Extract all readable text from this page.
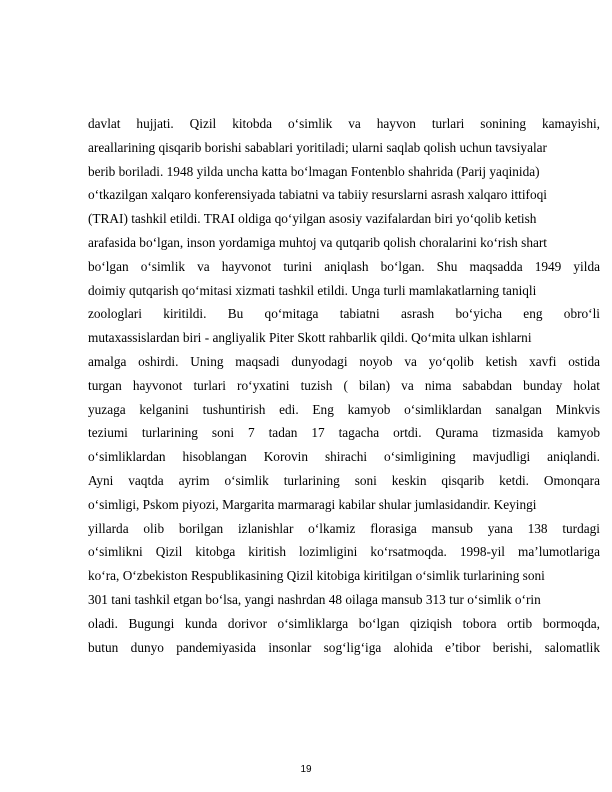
davlat hujjati. Qizil kitobda o‘simlik va hayvon turlari sonining kamayishi,
areallarining qisqarib borishi sabablari yoritiladi; ularni saqlab qolish uchun tavsiyalar
berib boriladi. 1948 yilda uncha katta bo‘lmagan Fontenblo shahrida (Parij yaqinida)
o‘tkazilgan xalqaro konferensiyada tabiatni va tabiiy resurslarni asrash xalqaro ittifoqi
(TRAI) tashkil etildi. TRAI oldiga qo‘yilgan asosiy vazifalardan biri yo‘qolib ketish
arafasida bo‘lgan, inson yordamiga muhtoj va qutqarib qolish choralarini ko‘rish shart
bo‘lgan o‘simlik va hayvonot turini aniqlash bo‘lgan. Shu maqsadda 1949 yilda
doimiy qutqarish qo‘mitasi xizmati tashkil etildi. Unga turli mamlakatlarning taniqli
zoologlari kiritildi. Bu qo‘mitaga tabiatni asrash bo‘yicha eng obro‘li
mutaxassislardan biri - angliyalik Piter Skott rahbarlik qildi. Qo‘mita ulkan ishlarni
amalga oshirdi. Uning maqsadi dunyodagi noyob va yo‘qolib ketish xavfi ostida
turgan hayvonot turlari ro‘yxatini tuzish ( bilan) va nima sababdan bunday holat
yuzaga kelganini tushuntirish edi. Eng kamyob o‘simliklardan sanalgan Minkvis
teziumi turlarining soni 7 tadan 17 tagacha ortdi. Qurama tizmasida kamyob
o‘simliklardan hisoblangan Korovin shirachi o‘simligining mavjudligi aniqlandi.
Ayni vaqtda ayrim o‘simlik turlarining soni keskin qisqarib ketdi. Omonqara
o‘simligi, Pskom piyozi, Margarita marmaragi kabilar shular jumlasidandir. Keyingi
yillarda olib borilgan izlanishlar o‘lkamiz florasiga mansub yana 138 turdagi
o‘simlikni Qizil kitobga kiritish lozimligini ko‘rsatmoqda. 1998-yil ma’lumotlariga
ko‘ra, O‘zbekiston Respublikasining Qizil kitobiga kiritilgan o‘simlik turlarining soni
301 tani tashkil etgan bo‘lsa, yangi nashrdan 48 oilaga mansub 313 tur o‘simlik o‘rin
oladi. Bugungi kunda dorivor o‘simliklarga bo‘lgan qiziqish tobora ortib bormoqda,
butun dunyo pandemiyasida insonlar sog‘lig‘iga alohida e’tibor berishi, salomatlik
19
